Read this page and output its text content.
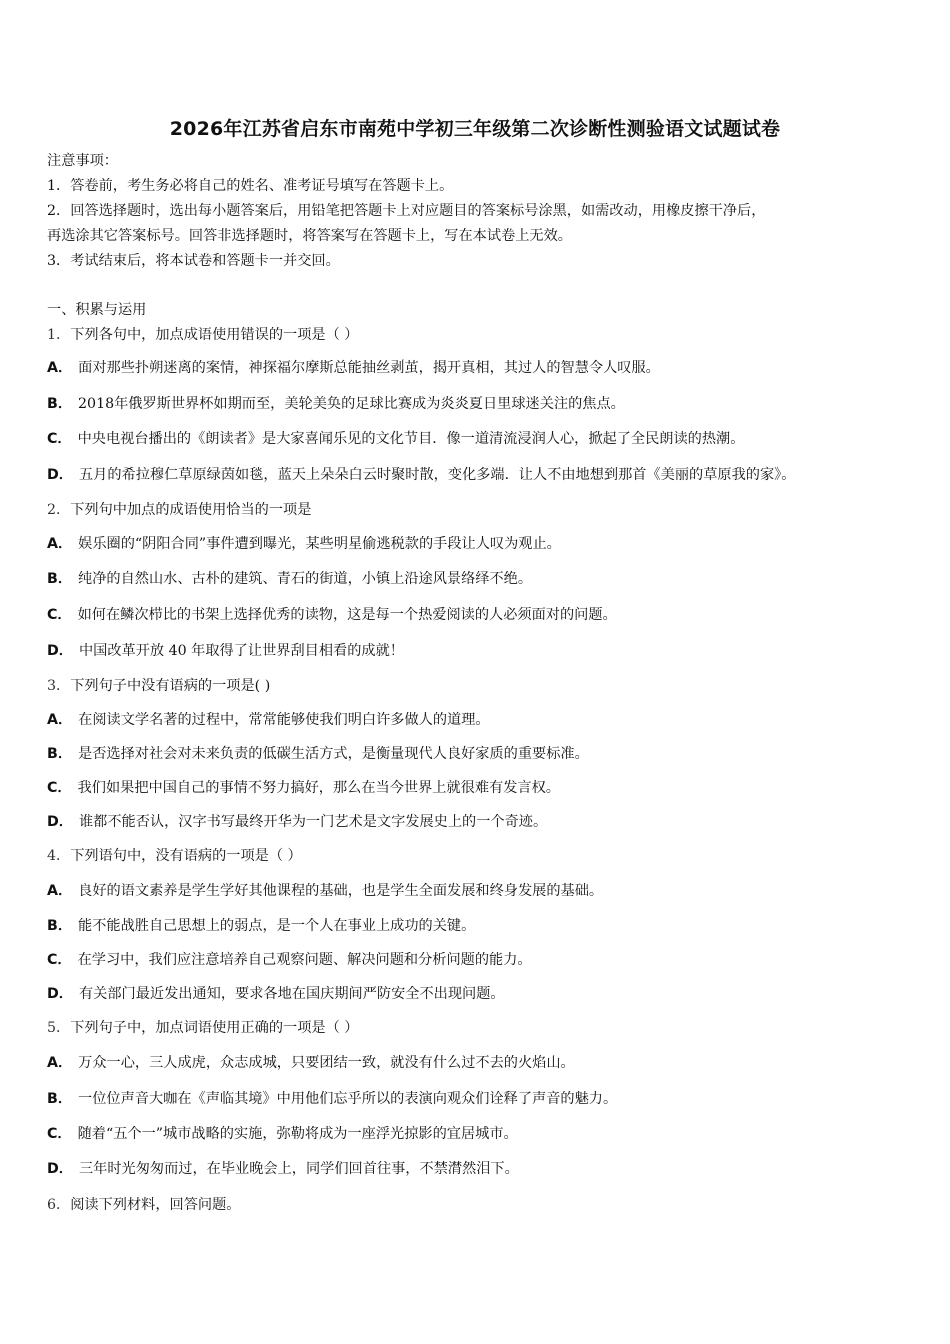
2026年江苏省启东市南苑中学初三年级第二次诊断性测验语文试题试卷
注意事项：
1．答卷前，考生务必将自己的姓名、准考证号填写在答题卡上。
2．回答选择题时，选出每小题答案后，用铅笔把答题卡上对应题目的答案标号涂黑，如需改动，用橡皮擦干净后，
再选涂其它答案标号。回答非选择题时，将答案写在答题卡上，写在本试卷上无效。
3．考试结束后，将本试卷和答题卡一并交回。
一、积累与运用
1．下列各句中，加点成语使用错误的一项是（ ）
A． 面对那些扑朔迷离的案情，神探福尔摩斯总能抽丝剥茧，揭开真相，其过人的智慧令人叹服。
B． 2018年俄罗斯世界杯如期而至，美轮美奂的足球比赛成为炎炎夏日里球迷关注的焦点。
C． 中央电视台播出的《朗读者》是大家喜闻乐见的文化节目．像一道清流浸润人心，掀起了全民朗读的热潮。
D． 五月的希拉穆仁草原绿茵如毯，蓝天上朵朵白云时聚时散，变化多端．让人不由地想到那首《美丽的草原我的家》。
2．下列句中加点的成语使用恰当的一项是
A． 娱乐圈的“阴阳合同”事件遭到曝光，某些明星偷逃税款的手段让人叹为观止。
B． 纯净的自然山水、古朴的建筑、青石的街道，小镇上沿途风景络绎不绝。
C． 如何在鳞次栉比的书架上选择优秀的读物，这是每一个热爱阅读的人必须面对的问题。
D． 中国改革开放 40 年取得了让世界刮目相看的成就！
3．下列句子中没有语病的一项是( )
A． 在阅读文学名著的过程中，常常能够使我们明白许多做人的道理。
B． 是否选择对社会对未来负责的低碳生活方式，是衡量现代人良好家质的重要标准。
C． 我们如果把中国自己的事情不努力搞好，那么在当今世界上就很难有发言权。
D． 谁都不能否认，汉字书写最终开华为一门艺术是文字发展史上的一个奇迹。
4．下列语句中，没有语病的一项是（ ）
A． 良好的语文素养是学生学好其他课程的基础，也是学生全面发展和终身发展的基础。
B． 能不能战胜自己思想上的弱点，是一个人在事业上成功的关键。
C． 在学习中，我们应注意培养自己观察问题、解决问题和分析问题的能力。
D． 有关部门最近发出通知，要求各地在国庆期间严防安全不出现问题。
5．下列句子中，加点词语使用正确的一项是（ ）
A． 万众一心，三人成虎，众志成城，只要团结一致，就没有什么过不去的火焰山。
B． 一位位声音大咖在《声临其境》中用他们忘乎所以的表演向观众们诠释了声音的魅力。
C． 随着“五个一”城市战略的实施，弥勒将成为一座浮光掠影的宜居城市。
D． 三年时光匆匆而过，在毕业晚会上，同学们回首往事，不禁潸然泪下。
6．阅读下列材料，回答问题。
